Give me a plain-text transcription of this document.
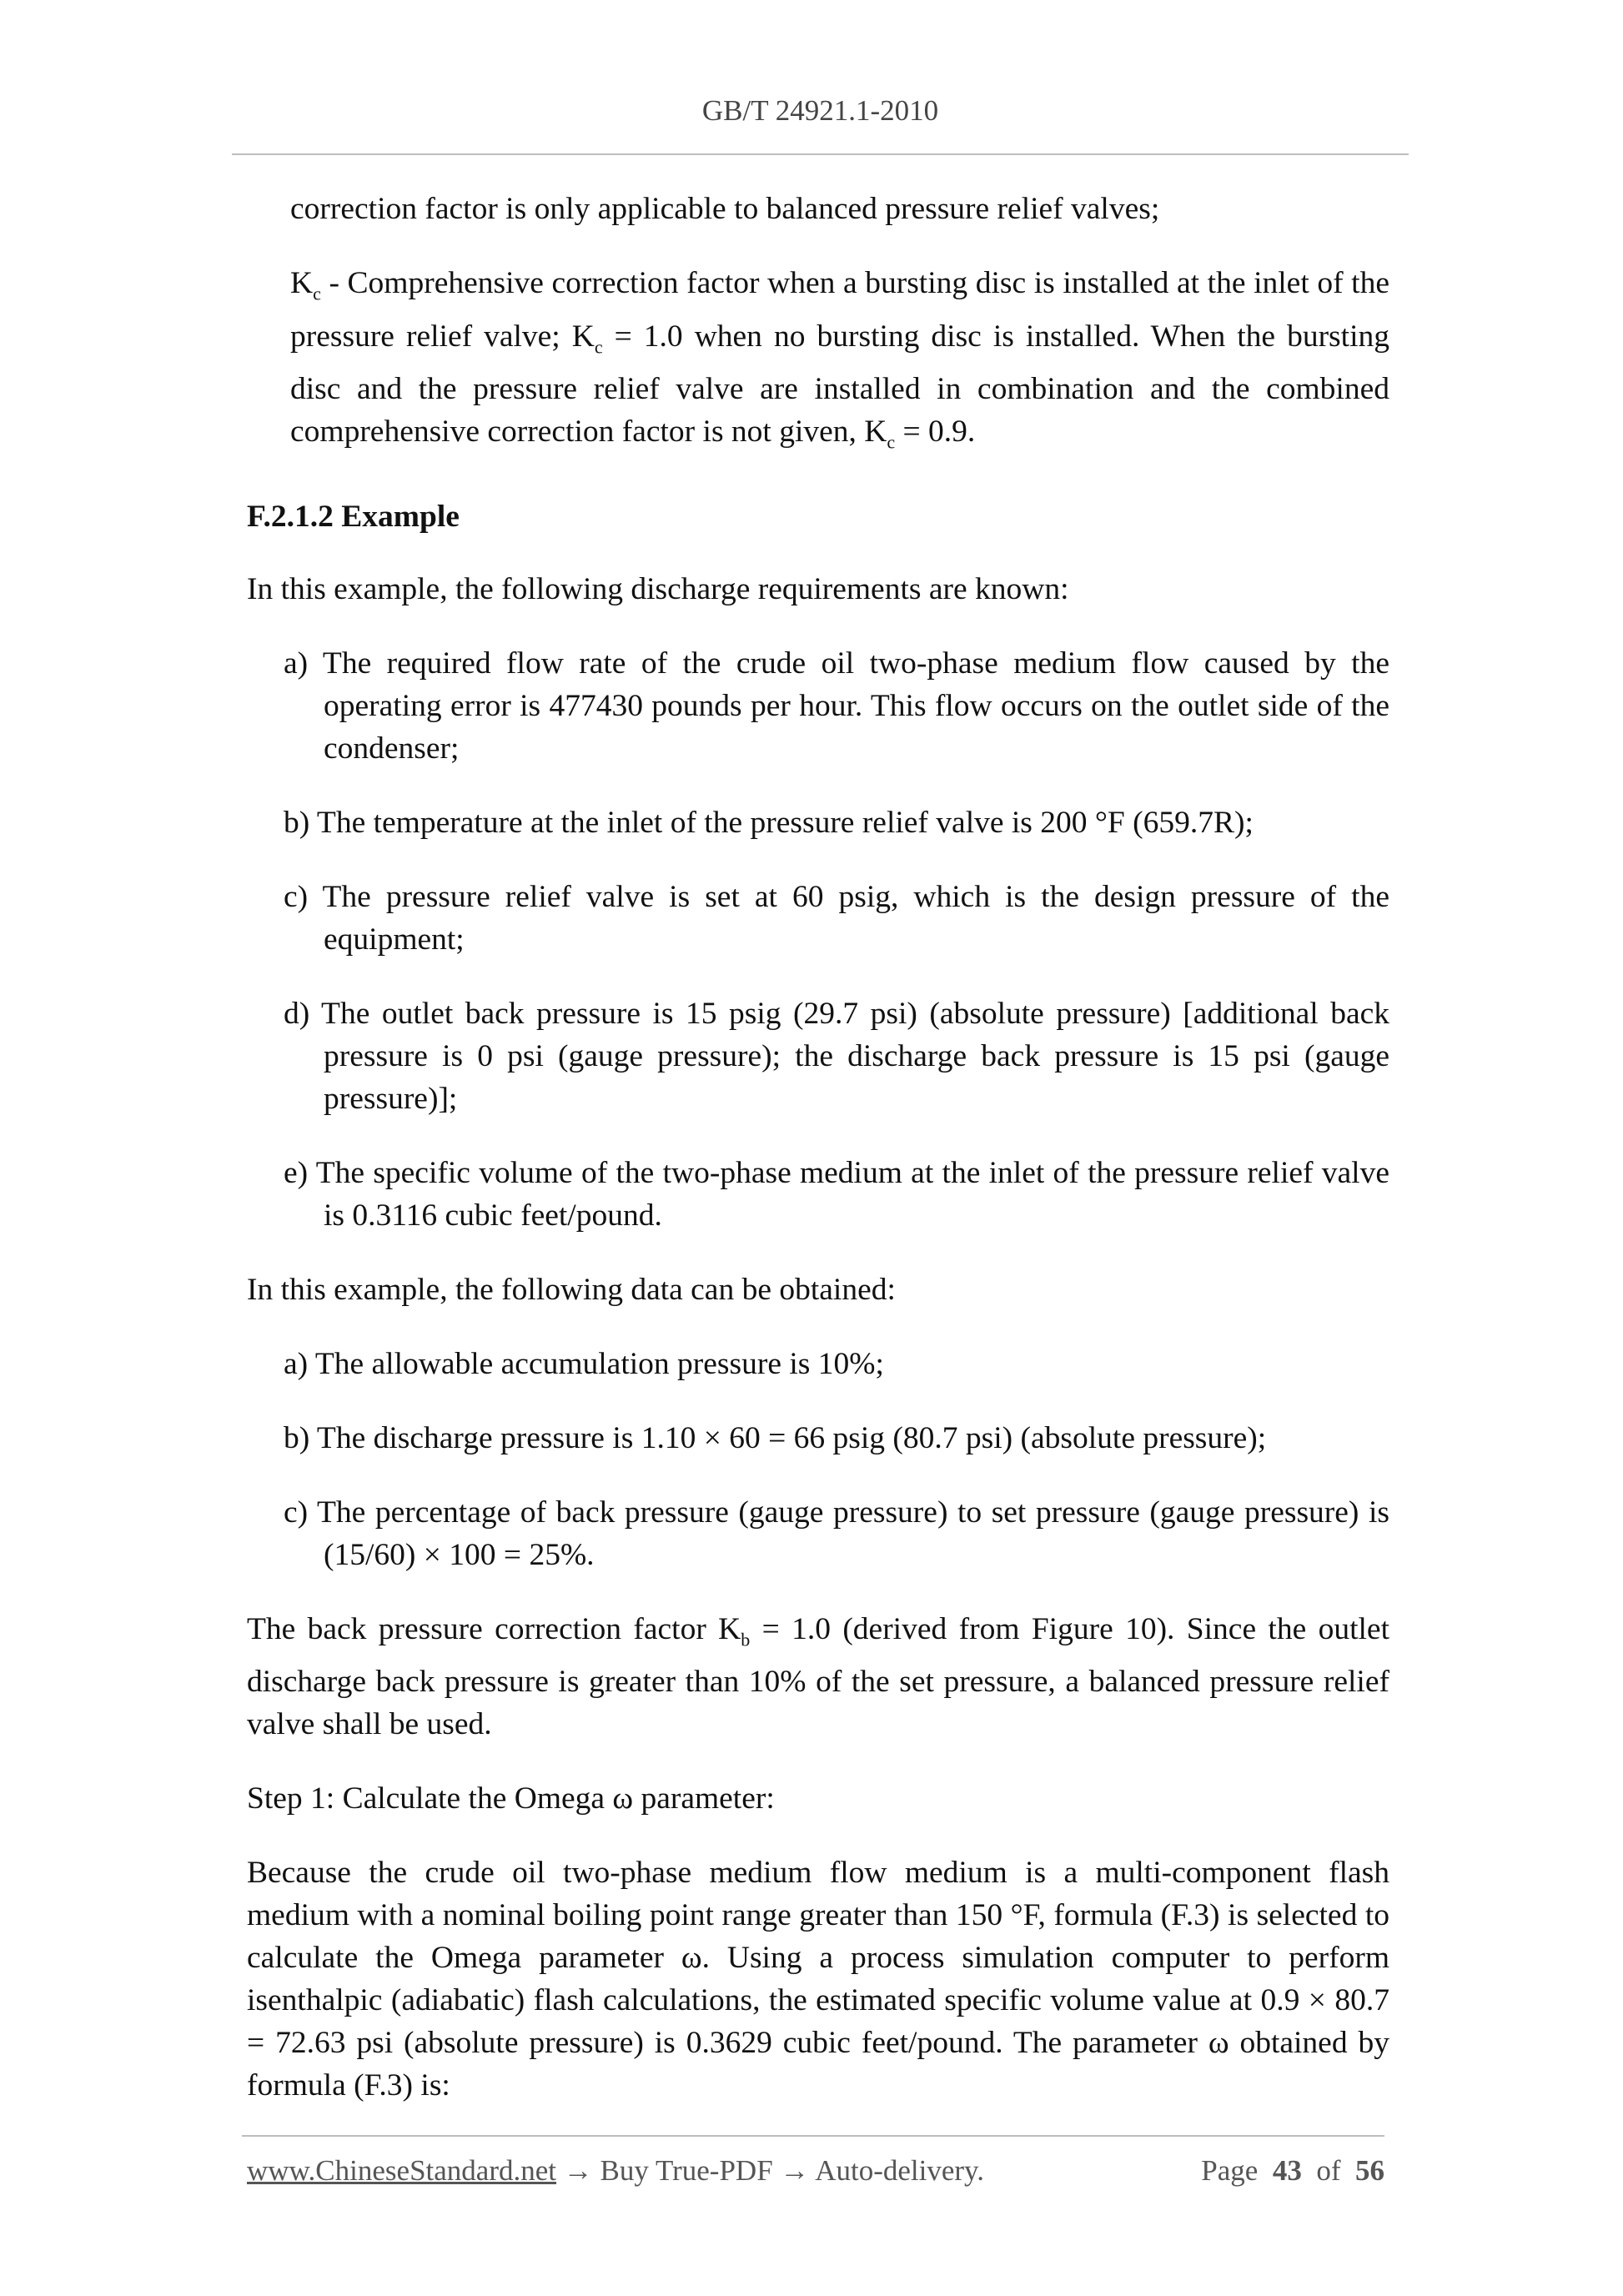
GB/T 24921.1-2010

correction factor is only applicable to balanced pressure relief valves;

$K_c$ - Comprehensive correction factor when a bursting disc is installed at the inlet of the pressure relief valve; $K_c = 1.0$ when no bursting disc is installed. When the bursting disc and the pressure relief valve are installed in combination and the combined comprehensive correction factor is not given, $K_c = 0.9$.

F.2.1.2 Example

In this example, the following discharge requirements are known:

a) The required flow rate of the crude oil two-phase medium flow caused by the operating error is 477430 pounds per hour. This flow occurs on the outlet side of the condenser;

b) The temperature at the inlet of the pressure relief valve is 200 °F (659.7R);

c) The pressure relief valve is set at 60 psig, which is the design pressure of the equipment;

d) The outlet back pressure is 15 psig (29.7 psi) (absolute pressure) [additional back pressure is 0 psi (gauge pressure); the discharge back pressure is 15 psi (gauge pressure)];

e) The specific volume of the two-phase medium at the inlet of the pressure relief valve is 0.3116 cubic feet/pound.

In this example, the following data can be obtained:

a) The allowable accumulation pressure is 10%;

b) The discharge pressure is 1.10 × 60 = 66 psig (80.7 psi) (absolute pressure);

c) The percentage of back pressure (gauge pressure) to set pressure (gauge pressure) is (15/60) × 100 = 25%.

The back pressure correction factor $K_b = 1.0$ (derived from Figure 10). Since the outlet discharge back pressure is greater than 10% of the set pressure, a balanced pressure relief valve shall be used.

Step 1: Calculate the Omega ω parameter:

Because the crude oil two-phase medium flow medium is a multi-component flash medium with a nominal boiling point range greater than 150 °F, formula (F.3) is selected to calculate the Omega parameter ω. Using a process simulation computer to perform isenthalpic (adiabatic) flash calculations, the estimated specific volume value at 0.9 × 80.7 = 72.63 psi (absolute pressure) is 0.3629 cubic feet/pound. The parameter ω obtained by formula (F.3) is:

www.ChineseStandard.net → Buy True-PDF → Auto-delivery.	Page 43 of 56
